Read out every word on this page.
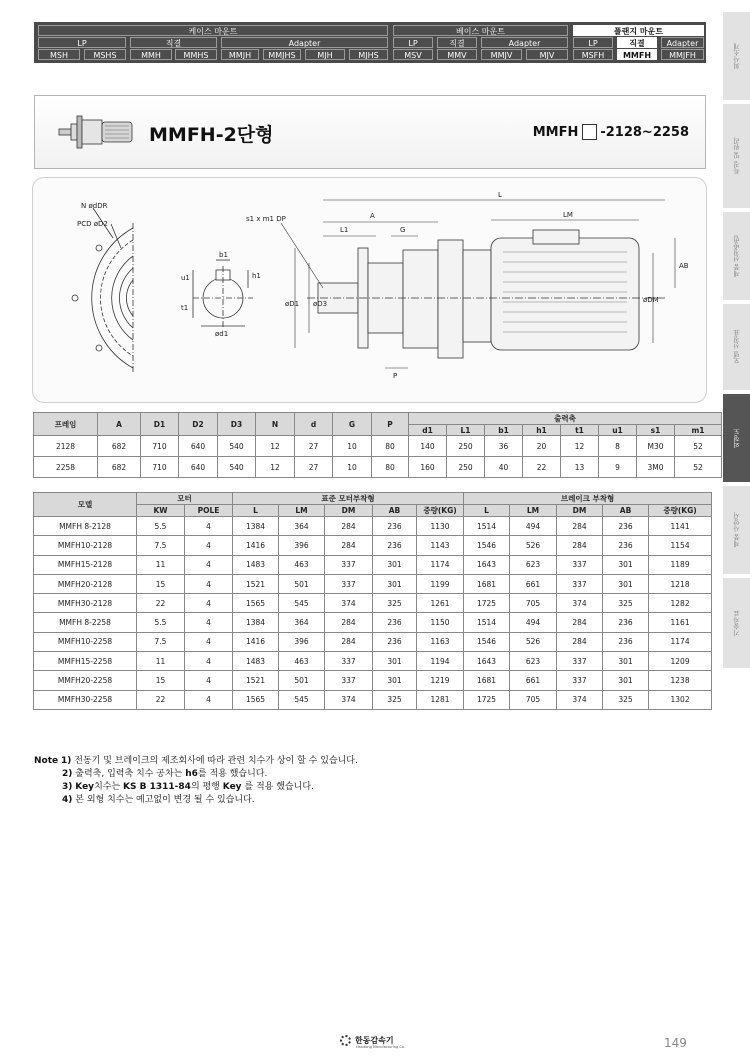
케이스 마운트	베이스 마운트	플랜지 마운트
LP	직결	Adapter	LP	직결	Adapter	LP	직결	Adapter
MSH	MSHS	MMH	MMHS	MMJH	MMJHS	MJH	MJHS	MSV	MMV	MMJV	MJV	MSFH	MMFH	MMJFH	회사소개
특징 및 원리
제품 선정방법
모델 선정표
외형도
제품 사양서
기술자료
MMFH-2단형	MMFH -2128~2258
N ødDR
PCD øD2
b1
h1
u1
t1
ød1
s1 x m1 DP	A
L1	G
L
LM
AB
øD1 øD3	øDM
P
프레임	A	D1	D2	D3	N	d	G	P	출력축							
									d1	L1	b1	h1	t1	u1	s1	m1
2128	682	710	640	540	12	27	10	80	140	250	36	20	12	8	M30	52
2258	682	710	640	540	12	27	10	80	160	250	40	22	13	9	3M0	52
모델	모터		표준 모터부착형					브레이크 부착형				
	KW	POLE	L	LM	DM	AB	중량(KG)	L	LM	DM	AB	중량(KG)
MMFH 8-2128	5.5	4	1384	364	284	236	1130	1514	494	284	236	1141
MMFH10-2128	7.5	4	1416	396	284	236	1143	1546	526	284	236	1154
MMFH15-2128	11	4	1483	463	337	301	1174	1643	623	337	301	1189
MMFH20-2128	15	4	1521	501	337	301	1199	1681	661	337	301	1218
MMFH30-2128	22	4	1565	545	374	325	1261	1725	705	374	325	1282
MMFH 8-2258	5.5	4	1384	364	284	236	1150	1514	494	284	236	1161
MMFH10-2258	7.5	4	1416	396	284	236	1163	1546	526	284	236	1174
MMFH15-2258	11	4	1483	463	337	301	1194	1643	623	337	301	1209
MMFH20-2258	15	4	1521	501	337	301	1219	1681	661	337	301	1238
MMFH30-2258	22	4	1565	545	374	325	1281	1725	705	374	325	1302
Note 1) 전동기 및 브레이크의 제조회사에 따라 관련 치수가 상이 할 수 있습니다.
2) 출력축, 입력축 치수 공차는 h6를 적용 했습니다.
3) Key치수는 KS B 1311-84의 평행 Key 를 적용 했습니다.
4) 본 외형 치수는 예고없이 변경 될 수 있습니다.
한동감속기
Handong Manufacturing Co.	149
